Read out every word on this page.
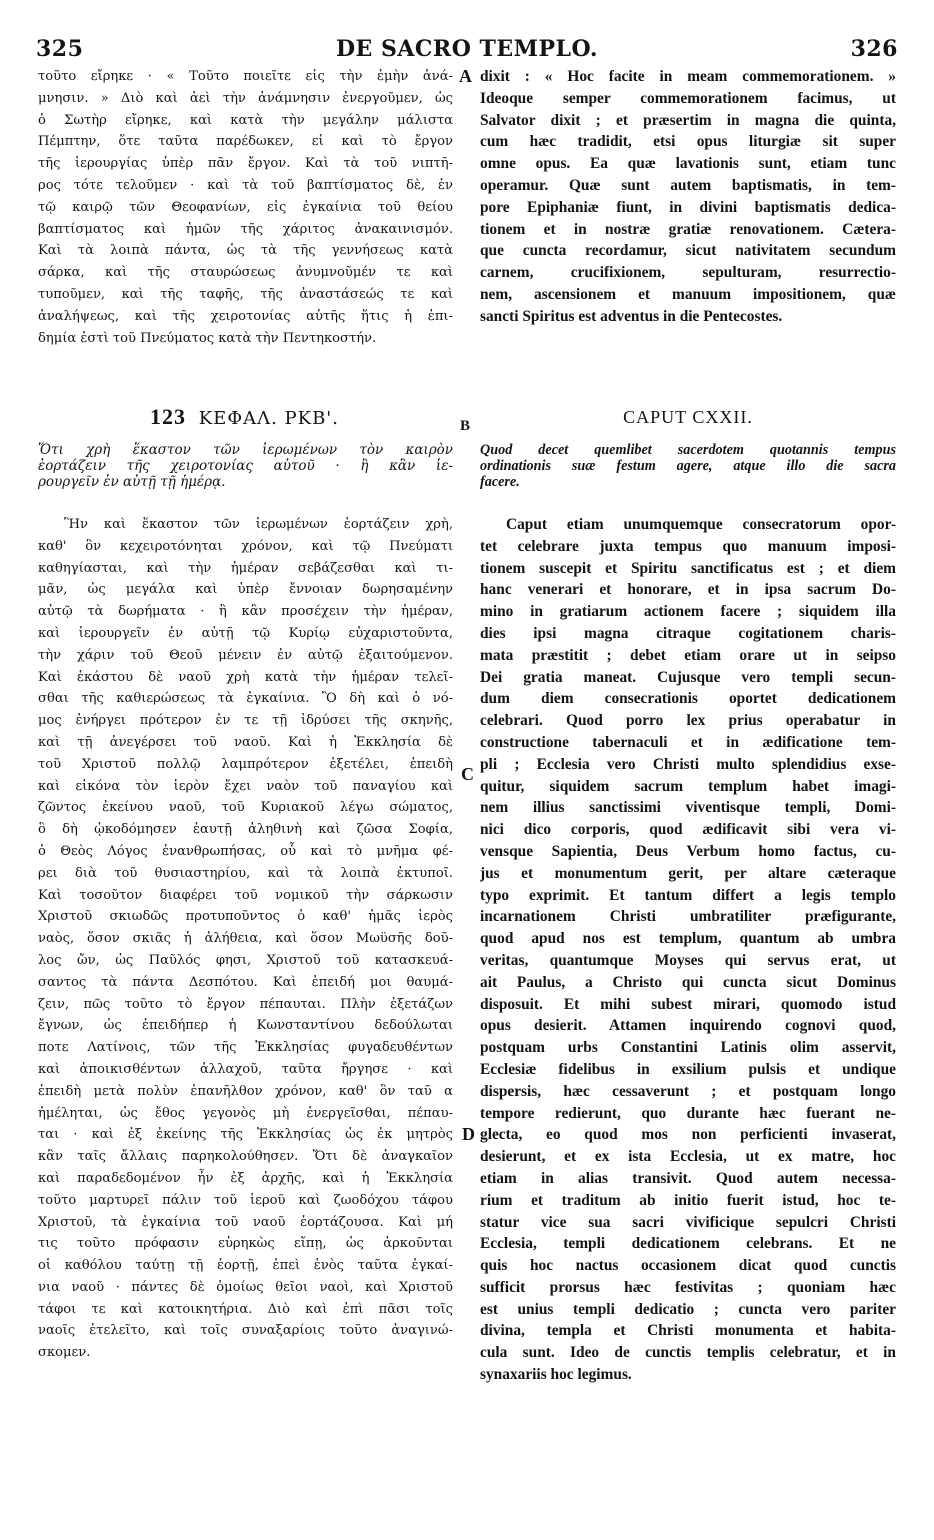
DE SACRO TEMPLO.
325	326
τοῦτο εἴρηκε · « Τοῦτο ποιεῖτε εἰς τὴν ἐμὴν ἀνά-
μνησιν. » Διὸ καὶ ἀεὶ τὴν ἀνάμνησιν ἐνεργοῦμεν, ὡς
ὁ Σωτὴρ εἴρηκε, καὶ κατὰ τὴν μεγάλην μάλιστα
Πέμπτην, ὅτε ταῦτα παρέδωκεν, εἰ καὶ τὸ ἔργον
τῆς ἱερουργίας ὑπὲρ πᾶν ἔργον. Καὶ τὰ τοῦ νιπτῆ-
ρος τότε τελοῦμεν · καὶ τὰ τοῦ βαπτίσματος δὲ, ἐν
τῷ καιρῷ τῶν Θεοφανίων, εἰς ἐγκαίνια τοῦ θείου
βαπτίσματος καὶ ἡμῶν τῆς χάριτος ἀνακαινισμόν.
Καὶ τὰ λοιπὰ πάντα, ὡς τὰ τῆς γεννήσεως κατὰ
σάρκα, καὶ τῆς σταυρώσεως ἀνυμνοῦμέν τε καὶ
τυποῦμεν, καὶ τῆς ταφῆς, τῆς ἀναστάσεώς τε καὶ
ἀναλήψεως, καὶ τῆς χειροτονίας αὐτῆς ἥτις ἡ ἐπι-
δημία ἐστὶ τοῦ Πνεύματος κατὰ τὴν Πεντηκοστήν.
dixit : « Hoc facite in meam commemorationem. »
Ideoque semper commemorationem facimus, ut
Salvator dixit ; et præsertim in magna die quinta,
cum hæc tradidit, etsi opus liturgiæ sit super
omne opus. Ea quæ lavationis sunt, etiam tunc
operamur. Quæ sunt autem baptismatis, in tem-
pore Epiphaniæ fiunt, in divini baptismatis dedica-
tionem et in nostræ gratiæ renovationem. Cætera-
que cuncta recordamur, sicut nativitatem secundum
carnem, crucifixionem, sepulturam, resurrectio-
nem, ascensionem et manuum impositionem, quæ
sancti Spiritus est adventus in die Pentecostes.
A
B
C
D
123 ΚΕΦΑΛ. ΡΚΒ'.	CAPUT CXXII.
Ὅτι χρὴ ἕκαστον τῶν ἱερωμένων τὸν καιρὸν
ἑορτάζειν τῆς χειροτονίας αὐτοῦ · ἢ κἂν ἱε-
ρουργεῖν ἐν αὐτῇ τῇ ἡμέρᾳ.
Quod decet quemlibet sacerdotem quotannis tempus
ordinationis suæ festum agere, atque illo die sacra
facere.
Ἣν καὶ ἕκαστον τῶν ἱερωμένων ἑορτάζειν χρὴ,
καθ' ὃν κεχειροτόνηται χρόνον, καὶ τῷ Πνεύματι
καθηγίασται, καὶ τὴν ἡμέραν σεβάζεσθαι καὶ τι-
μᾶν, ὡς μεγάλα καὶ ὑπὲρ ἔννοιαν δωρησαμένην
αὐτῷ τὰ δωρήματα · ἢ κἂν προσέχειν τὴν ἡμέραν,
καὶ ἱερουργεῖν ἐν αὐτῇ τῷ Κυρίῳ εὐχαριστοῦντα,
τὴν χάριν τοῦ Θεοῦ μένειν ἐν αὐτῷ ἐξαιτούμενον.
Καὶ ἑκάστου δὲ ναοῦ χρὴ κατὰ τὴν ἡμέραν τελεῖ-
σθαι τῆς καθιερώσεως τὰ ἐγκαίνια. Ὃ δὴ καὶ ὁ νό-
μος ἐνήργει πρότερον ἐν τε τῇ ἱδρύσει τῆς σκηνῆς,
καὶ τῇ ἀνεγέρσει τοῦ ναοῦ. Καὶ ἡ Ἐκκλησία δὲ
τοῦ Χριστοῦ πολλῷ λαμπρότερον ἐξετέλει, ἐπειδὴ
καὶ εἰκόνα τὸν ἱερὸν ἔχει ναὸν τοῦ παναγίου καὶ
ζῶντος ἐκείνου ναοῦ, τοῦ Κυριακοῦ λέγω σώματος,
ὃ δὴ ᾠκοδόμησεν ἑαυτῇ ἀληθινὴ καὶ ζῶσα Σοφία,
ὁ Θεὸς Λόγος ἐνανθρωπήσας, οὗ καὶ τὸ μνῆμα φέ-
ρει διὰ τοῦ θυσιαστηρίου, καὶ τὰ λοιπὰ ἐκτυποῖ.
Καὶ τοσοῦτον διαφέρει τοῦ νομικοῦ τὴν σάρκωσιν
Χριστοῦ σκιωδῶς προτυποῦντος ὁ καθ' ἡμᾶς ἱερὸς
ναὸς, ὅσον σκιᾶς ἡ ἀλήθεια, καὶ ὅσον Μωϋσῆς δοῦ-
λος ὤν, ὡς Παῦλός φησι, Χριστοῦ τοῦ κατασκευά-
σαντος τὰ πάντα Δεσπότου. Καὶ ἐπειδή μοι θαυμά-
ζειν, πῶς τοῦτο τὸ ἔργον πέπαυται. Πλὴν ἐξετάζων
ἔγνων, ὡς ἐπειδήπερ ἡ Κωνσταντίνου δεδούλωται
ποτε Λατίνοις, τῶν τῆς Ἐκκλησίας φυγαδευθέντων
καὶ ἀποικισθέντων ἀλλαχοῦ, ταῦτα ἤργησε · καὶ
ἐπειδὴ μετὰ πολὺν ἐπανῆλθον χρόνον, καθ' ὃν ταῦ α
ἠμέληται, ὡς ἔθος γεγονὸς μὴ ἐνεργεῖσθαι, πέπαυ-
ται · καὶ ἐξ ἐκείνης τῆς Ἐκκλησίας ὡς ἐκ μητρὸς
κἂν ταῖς ἄλλαις παρηκολούθησεν. Ὅτι δὲ ἀναγκαῖον
καὶ παραδεδομένον ἦν ἐξ ἀρχῆς, καὶ ἡ Ἐκκλησία
τοῦτο μαρτυρεῖ πάλιν τοῦ ἱεροῦ καὶ ζωοδόχου τάφου
Χριστοῦ, τὰ ἐγκαίνια τοῦ ναοῦ ἑορτάζουσα. Καὶ μή
τις τοῦτο πρόφασιν εὑρηκὼς εἴπῃ, ὡς ἀρκοῦνται
οἱ καθόλου ταύτῃ τῇ ἑορτῇ, ἐπεὶ ἑνὸς ταῦτα ἐγκαί-
νια ναοῦ · πάντες δὲ ὁμοίως θεῖοι ναοὶ, καὶ Χριστοῦ
τάφοι τε καὶ κατοικητήρια. Διὸ καὶ ἐπὶ πᾶσι τοῖς
ναοῖς ἐτελεῖτο, καὶ τοῖς συναξαρίοις τοῦτο ἀναγινώ-
σκομεν.
Caput etiam unumquemque consecratorum opor-
tet celebrare juxta tempus quo manuum imposi-
tionem suscepit et Spiritu sanctificatus est ; et diem
hanc venerari et honorare, et in ipsa sacrum Do-
mino in gratiarum actionem facere ; siquidem illa
dies ipsi magna citraque cogitationem charis-
mata præstitit ; debet etiam orare ut in seipso
Dei gratia maneat. Cujusque vero templi secun-
dum diem consecrationis oportet dedicationem
celebrari. Quod porro lex prius operabatur in
constructione tabernaculi et in ædificatione tem-
pli ; Ecclesia vero Christi multo splendidius exse-
quitur, siquidem sacrum templum habet imagi-
nem illius sanctissimi viventisque templi, Domi-
nici dico corporis, quod ædificavit sibi vera vi-
vensque Sapientia, Deus Verbum homo factus, cu-
jus et monumentum gerit, per altare cæteraque
typo exprimit. Et tantum differt a legis templo
incarnationem Christi umbratiliter præfigurante,
quod apud nos est templum, quantum ab umbra
veritas, quantumque Moyses qui servus erat, ut
ait Paulus, a Christo qui cuncta sicut Dominus
disposuit. Et mihi subest mirari, quomodo istud
opus desierit. Attamen inquirendo cognovi quod,
postquam urbs Constantini Latinis olim asservit,
Ecclesiæ fidelibus in exsilium pulsis et undique
dispersis, hæc cessaverunt ; et postquam longo
tempore redierunt, quo durante hæc fuerant ne-
glecta, eo quod mos non perficienti invaserat,
desierunt, et ex ista Ecclesia, ut ex matre, hoc
etiam in alias transivit. Quod autem necessa-
rium et traditum ab initio fuerit istud, hoc te-
statur vice sua sacri vivificique sepulcri Christi
Ecclesia, templi dedicationem celebrans. Et ne
quis hoc nactus occasionem dicat quod cunctis
sufficit prorsus hæc festivitas ; quoniam hæc
est unius templi dedicatio ; cuncta vero pariter
divina, templa et Christi monumenta et habita-
cula sunt. Ideo de cunctis templis celebratur, et in
synaxariis hoc legimus.
